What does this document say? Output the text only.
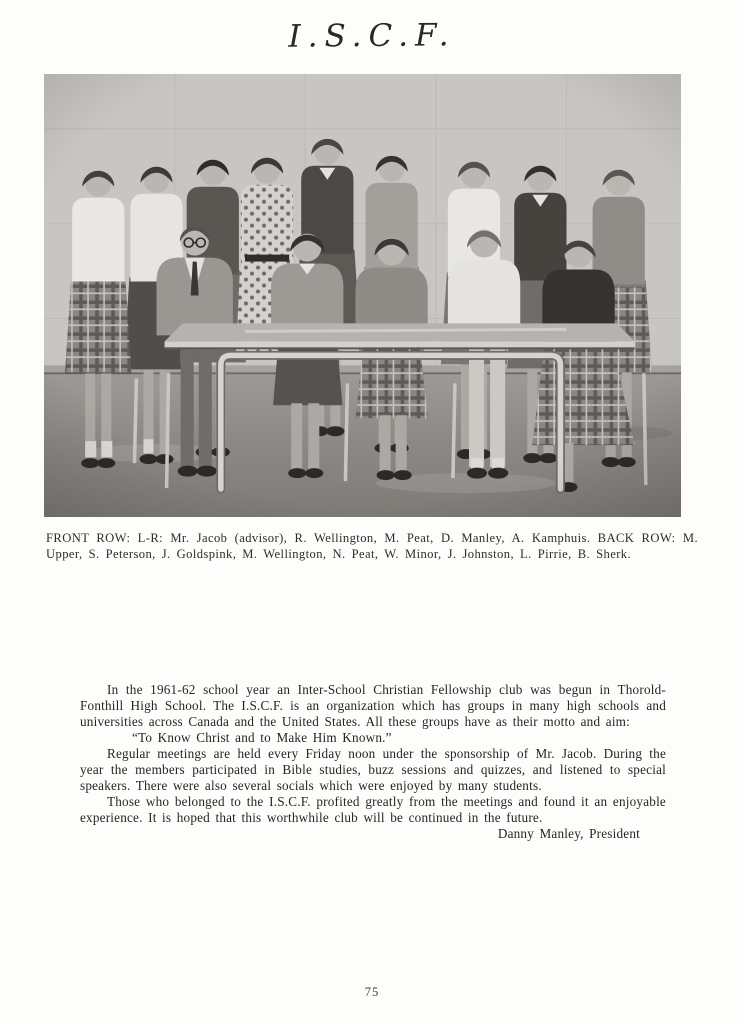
I.S.C.F.
FRONT ROW: L-R: Mr. Jacob (advisor), R. Wellington, M. Peat, D. Manley, A. Kamphuis. BACK ROW: M. Upper, S. Peterson, J. Goldspink, M. Wellington, N. Peat, W. Minor, J. Johnston, L. Pirrie, B. Sherk.

In the 1961-62 school year an Inter-School Christian Fellowship club was begun in Thorold-Fonthill High School. The I.S.C.F. is an organization which has groups in many high schools and universities across Canada and the United States. All these groups have as their motto and aim:

“To Know Christ and to Make Him Known.”

Regular meetings are held every Friday noon under the sponsorship of Mr. Jacob. During the year the members participated in Bible studies, buzz sessions and quizzes, and listened to special speakers. There were also several socials which were enjoyed by many students.

Those who belonged to the I.S.C.F. profited greatly from the meetings and found it an enjoyable experience. It is hoped that this worthwhile club will be continued in the future.

Danny Manley, President

75
